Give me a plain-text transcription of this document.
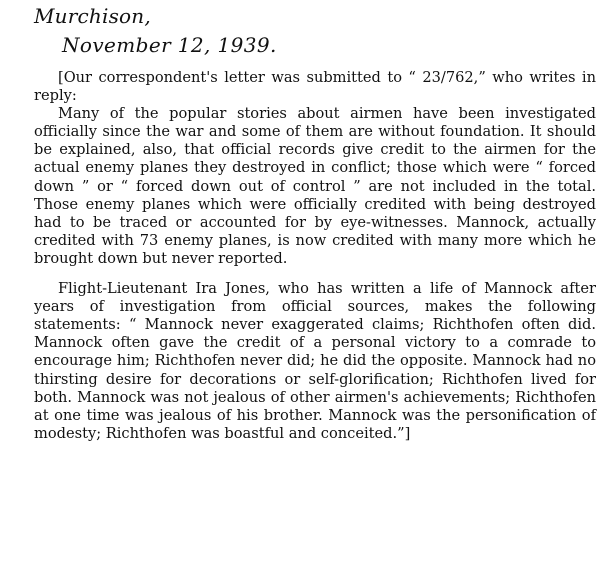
Murchison,
November 12, 1939.

[Our correspondent's letter was submitted to “ 23/762,” who writes in reply:

Many of the popular stories about airmen have been investigated officially since the war and some of them are without foundation. It should be explained, also, that official records give credit to the airmen for the actual enemy planes they destroyed in conflict; those which were “ forced down ” or “ forced down out of control ” are not included in the total. Those enemy planes which were officially credited with being destroyed had to be traced or accounted for by eye-witnesses. Mannock, actually credited with 73 enemy planes, is now credited with many more which he brought down but never reported.

Flight-Lieutenant Ira Jones, who has written a life of Mannock after years of investigation from official sources, makes the following statements: “ Mannock never exaggerated claims; Richthofen often did. Mannock often gave the credit of a personal victory to a comrade to encourage him; Richthofen never did; he did the opposite. Mannock had no thirsting desire for decorations or self-glorification; Richthofen lived for both. Mannock was not jealous of other airmen's achievements; Richthofen at one time was jealous of his brother. Mannock was the personification of modesty; Richthofen was boastful and conceited.”]
